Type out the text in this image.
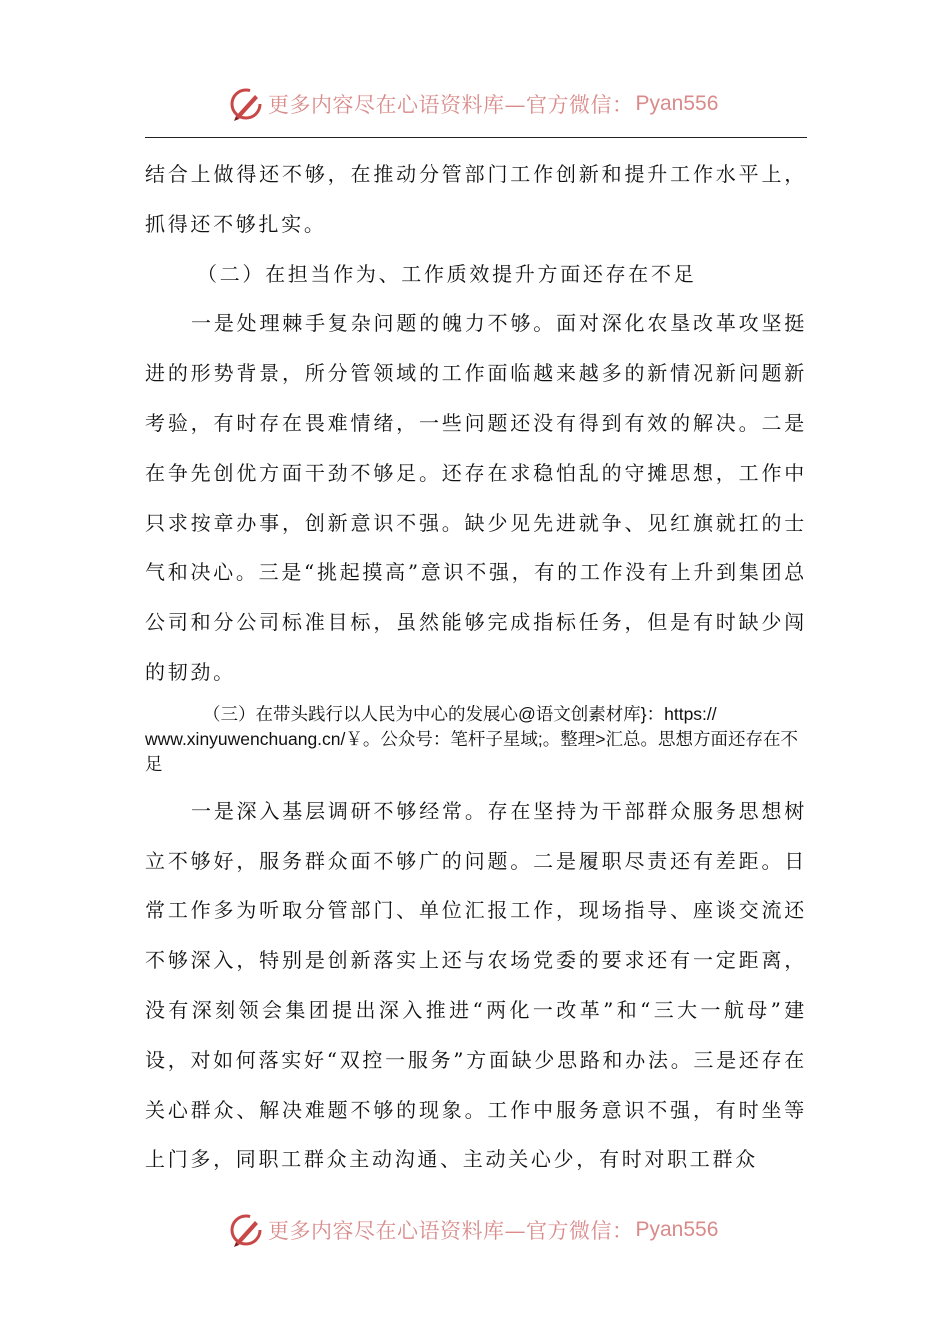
更多内容尽在心语资料库—官方微信： Pyan556

结合上做得还不够，在推动分管部门工作创新和提升工作水平上，抓得还不够扎实。

（二）在担当作为、工作质效提升方面还存在不足

一是处理棘手复杂问题的魄力不够。面对深化农垦改革攻坚挺进的形势背景，所分管领域的工作面临越来越多的新情况新问题新考验，有时存在畏难情绪，一些问题还没有得到有效的解决。二是在争先创优方面干劲不够足。还存在求稳怕乱的守摊思想，工作中只求按章办事，创新意识不强。缺少见先进就争、见红旗就扛的士气和决心。三是“挑起摸高”意识不强，有的工作没有上升到集团总公司和分公司标准目标，虽然能够完成指标任务，但是有时缺少闯的韧劲。

（三）在带头践行以人民为中心的发展心@语文创素材库}：https://
www.xinyuwenchuang.cn/￥。公众号：笔杆子星域;。整理>汇总。思想方面还存在不足

一是深入基层调研不够经常。存在坚持为干部群众服务思想树立不够好，服务群众面不够广的问题。二是履职尽责还有差距。日常工作多为听取分管部门、单位汇报工作，现场指导、座谈交流还不够深入，特别是创新落实上还与农场党委的要求还有一定距离，没有深刻领会集团提出深入推进“两化一改革”和“三大一航母”建设，对如何落实好“双控一服务”方面缺少思路和办法。三是还存在关心群众、解决难题不够的现象。工作中服务意识不强，有时坐等上门多，同职工群众主动沟通、主动关心少，有时对职工群众

更多内容尽在心语资料库—官方微信： Pyan556
